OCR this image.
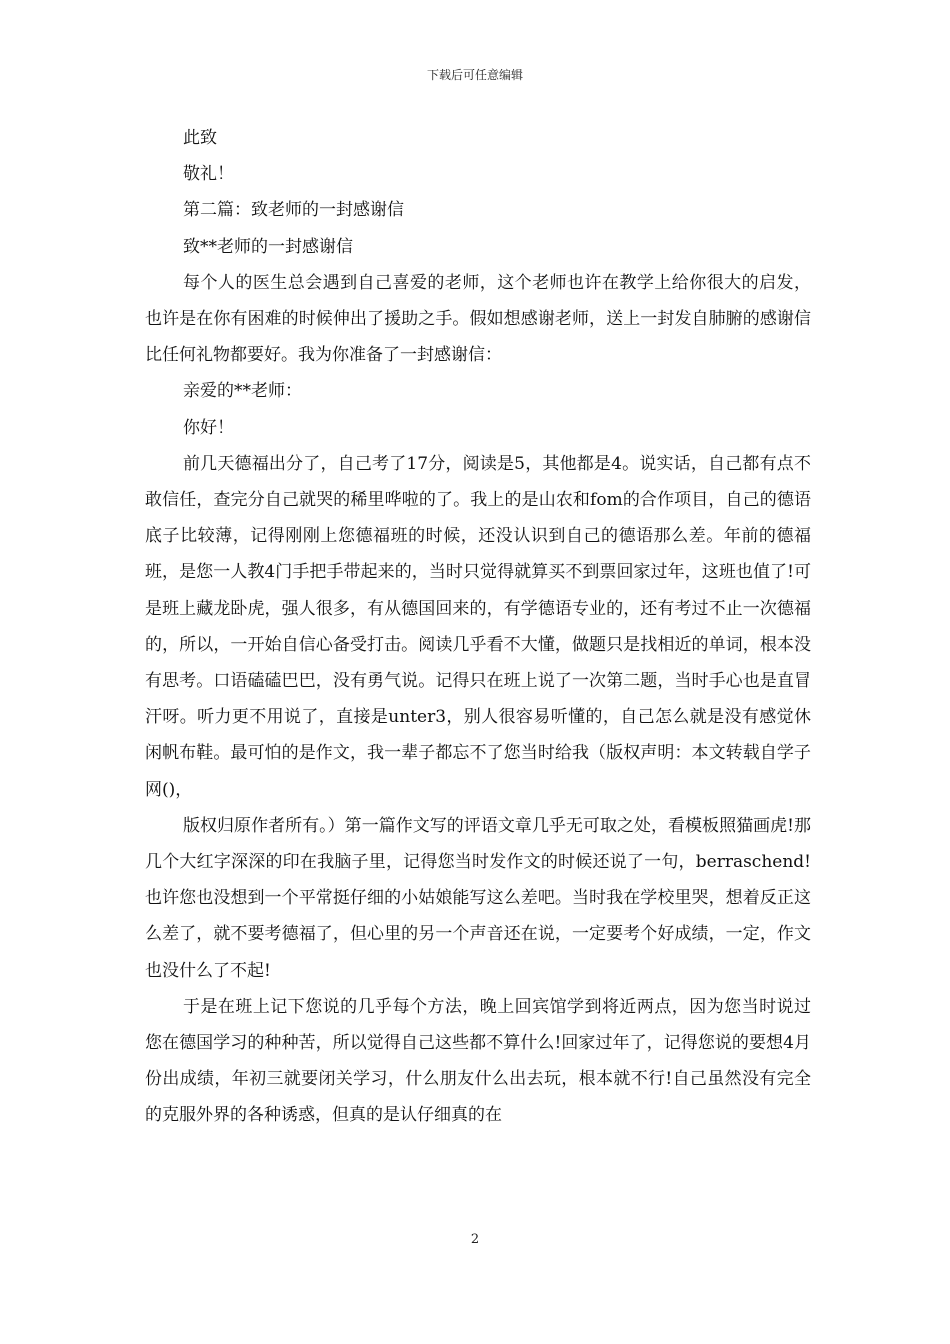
下载后可任意编辑

此致

敬礼！

第二篇：致老师的一封感谢信

致**老师的一封感谢信

每个人的医生总会遇到自己喜爱的老师，这个老师也许在教学上给你很大的启发，也许是在你有困难的时候伸出了援助之手。假如想感谢老师，送上一封发自肺腑的感谢信比任何礼物都要好。我为你准备了一封感谢信：

亲爱的**老师：

你好！

前几天德福出分了，自己考了17分，阅读是5，其他都是4。说实话，自己都有点不敢信任，查完分自己就哭的稀里哗啦的了。我上的是山农和fom的合作项目，自己的德语底子比较薄，记得刚刚上您德福班的时候，还没认识到自己的德语那么差。年前的德福班，是您一人教4门手把手带起来的，当时只觉得就算买不到票回家过年，这班也值了!可是班上藏龙卧虎，强人很多，有从德国回来的，有学德语专业的，还有考过不止一次德福的，所以，一开始自信心备受打击。阅读几乎看不大懂，做题只是找相近的单词，根本没有思考。口语磕磕巴巴，没有勇气说。记得只在班上说了一次第二题，当时手心也是直冒汗呀。听力更不用说了，直接是unter3，别人很容易听懂的，自己怎么就是没有感觉休闲帆布鞋。最可怕的是作文，我一辈子都忘不了您当时给我（版权声明：本文转载自学子网()，

版权归原作者所有。）第一篇作文写的评语文章几乎无可取之处，看模板照猫画虎!那几个大红字深深的印在我脑子里，记得您当时发作文的时候还说了一句，berraschend!也许您也没想到一个平常挺仔细的小姑娘能写这么差吧。当时我在学校里哭，想着反正这么差了，就不要考德福了，但心里的另一个声音还在说，一定要考个好成绩，一定，作文也没什么了不起!

于是在班上记下您说的几乎每个方法，晚上回宾馆学到将近两点，因为您当时说过您在德国学习的种种苦，所以觉得自己这些都不算什么!回家过年了，记得您说的要想4月份出成绩，年初三就要闭关学习，什么朋友什么出去玩，根本就不行!自己虽然没有完全的克服外界的各种诱惑，但真的是认仔细真的在

2
